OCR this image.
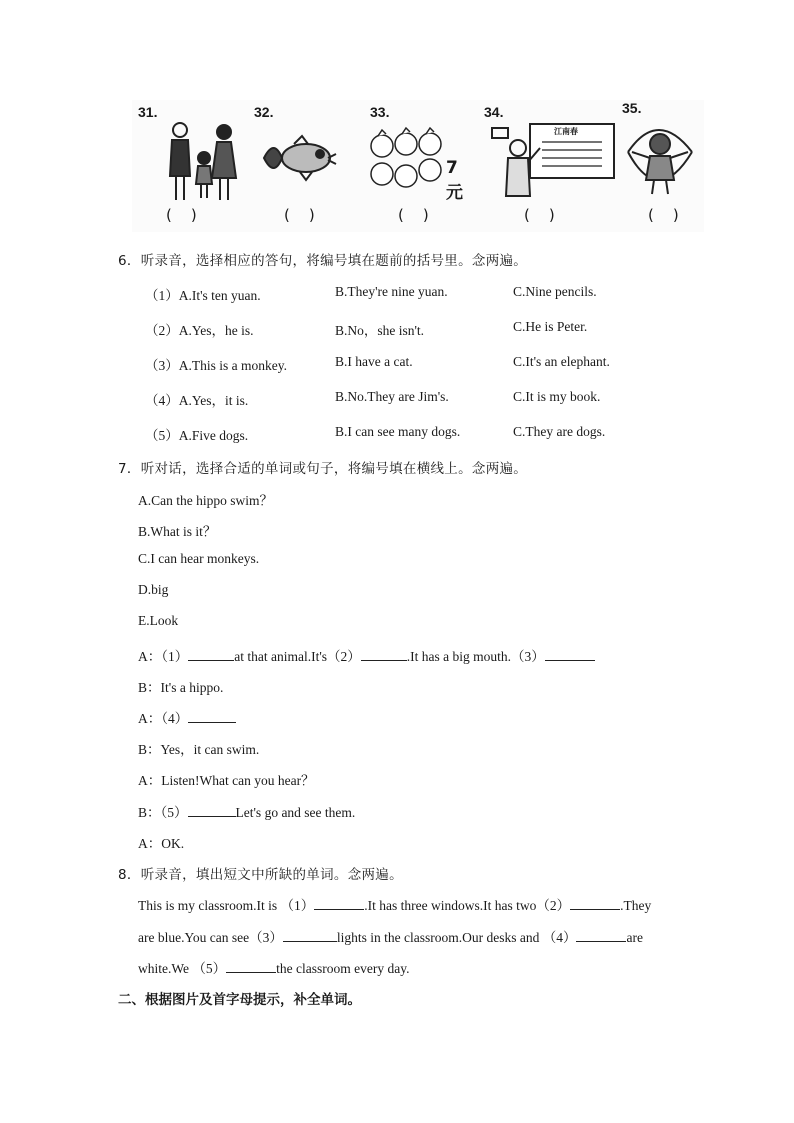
31.
(    )
32.
(    )
33.
7元
(    )
34.
江南春
(    )
35.
(    )
6．听录音，选择相应的答句，将编号填在题前的括号里。念两遍。
（1）A.It's ten yuan.	B.They're nine yuan.	C.Nine pencils.
（2）A.Yes，he is.	B.No，she isn't.	C.He is Peter.
（3）A.This is a monkey.	B.I have a cat.	C.It's an elephant.
（4）A.Yes，it is.	B.No.They are Jim's.	C.It is my book.
（5）A.Five dogs.	B.I can see many dogs.	C.They are dogs.
7．听对话，选择合适的单词或句子，将编号填在横线上。念两遍。
A.Can the hippo swim？
B.What is it？
C.I can hear monkeys.
D.big
E.Look
A：（1）	at that animal.It's（2）	.It has a big mouth.（3）
B：It's a hippo.
A：（4）
B：Yes，it can swim.
A：Listen!What can you hear？
B：（5）	Let's go and see them.
A：OK.
8．听录音，填出短文中所缺的单词。念两遍。
This is my classroom.It is （1）	.It has three windows.It has two（2）	.They
are blue.You can see（3）	lights in the classroom.Our desks and （4）	are
white.We （5）	the classroom every day.
二、根据图片及首字母提示，补全单词。
